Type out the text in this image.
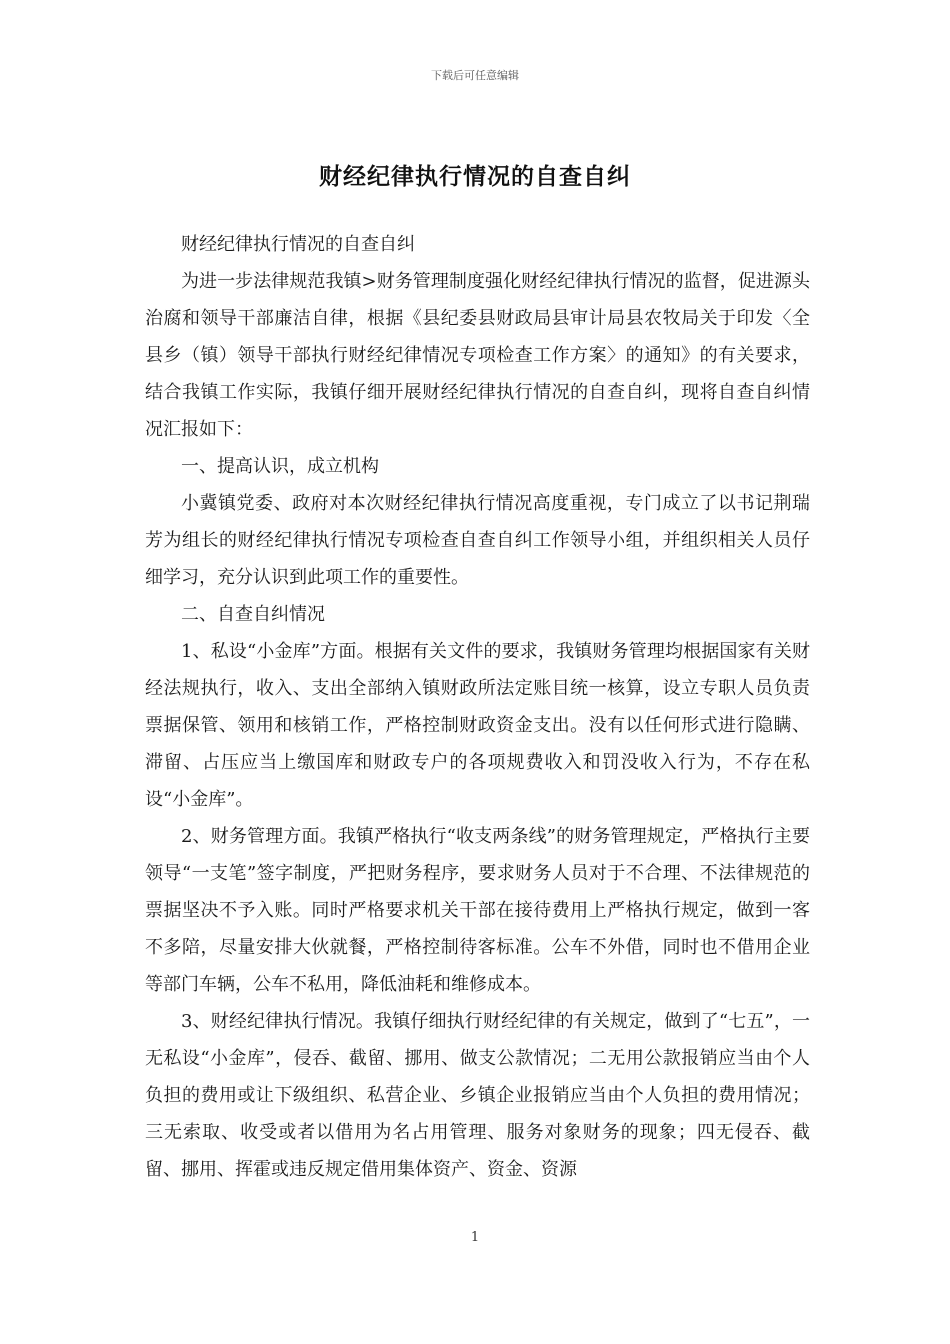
下载后可任意编辑
财经纪律执行情况的自查自纠

财经纪律执行情况的自查自纠

为进一步法律规范我镇>财务管理制度强化财经纪律执行情况的监督，促进源头治腐和领导干部廉洁自律，根据《县纪委县财政局县审计局县农牧局关于印发〈全县乡（镇）领导干部执行财经纪律情况专项检查工作方案〉的通知》的有关要求，结合我镇工作实际，我镇仔细开展财经纪律执行情况的自查自纠，现将自查自纠情况汇报如下：

一、提高认识，成立机构

小冀镇党委、政府对本次财经纪律执行情况高度重视，专门成立了以书记荆瑞芳为组长的财经纪律执行情况专项检查自查自纠工作领导小组，并组织相关人员仔细学习，充分认识到此项工作的重要性。

二、自查自纠情况

1、私设“小金库”方面。根据有关文件的要求，我镇财务管理均根据国家有关财经法规执行，收入、支出全部纳入镇财政所法定账目统一核算，设立专职人员负责票据保管、领用和核销工作，严格控制财政资金支出。没有以任何形式进行隐瞒、滞留、占压应当上缴国库和财政专户的各项规费收入和罚没收入行为，不存在私设“小金库”。

2、财务管理方面。我镇严格执行“收支两条线”的财务管理规定，严格执行主要领导“一支笔”签字制度，严把财务程序，要求财务人员对于不合理、不法律规范的票据坚决不予入账。同时严格要求机关干部在接待费用上严格执行规定，做到一客不多陪，尽量安排大伙就餐，严格控制待客标准。公车不外借，同时也不借用企业等部门车辆，公车不私用，降低油耗和维修成本。

3、财经纪律执行情况。我镇仔细执行财经纪律的有关规定，做到了“七五”，一无私设“小金库”，侵吞、截留、挪用、做支公款情况；二无用公款报销应当由个人负担的费用或让下级组织、私营企业、乡镇企业报销应当由个人负担的费用情况；三无索取、收受或者以借用为名占用管理、服务对象财务的现象；四无侵吞、截留、挪用、挥霍或违反规定借用集体资产、资金、资源

1
